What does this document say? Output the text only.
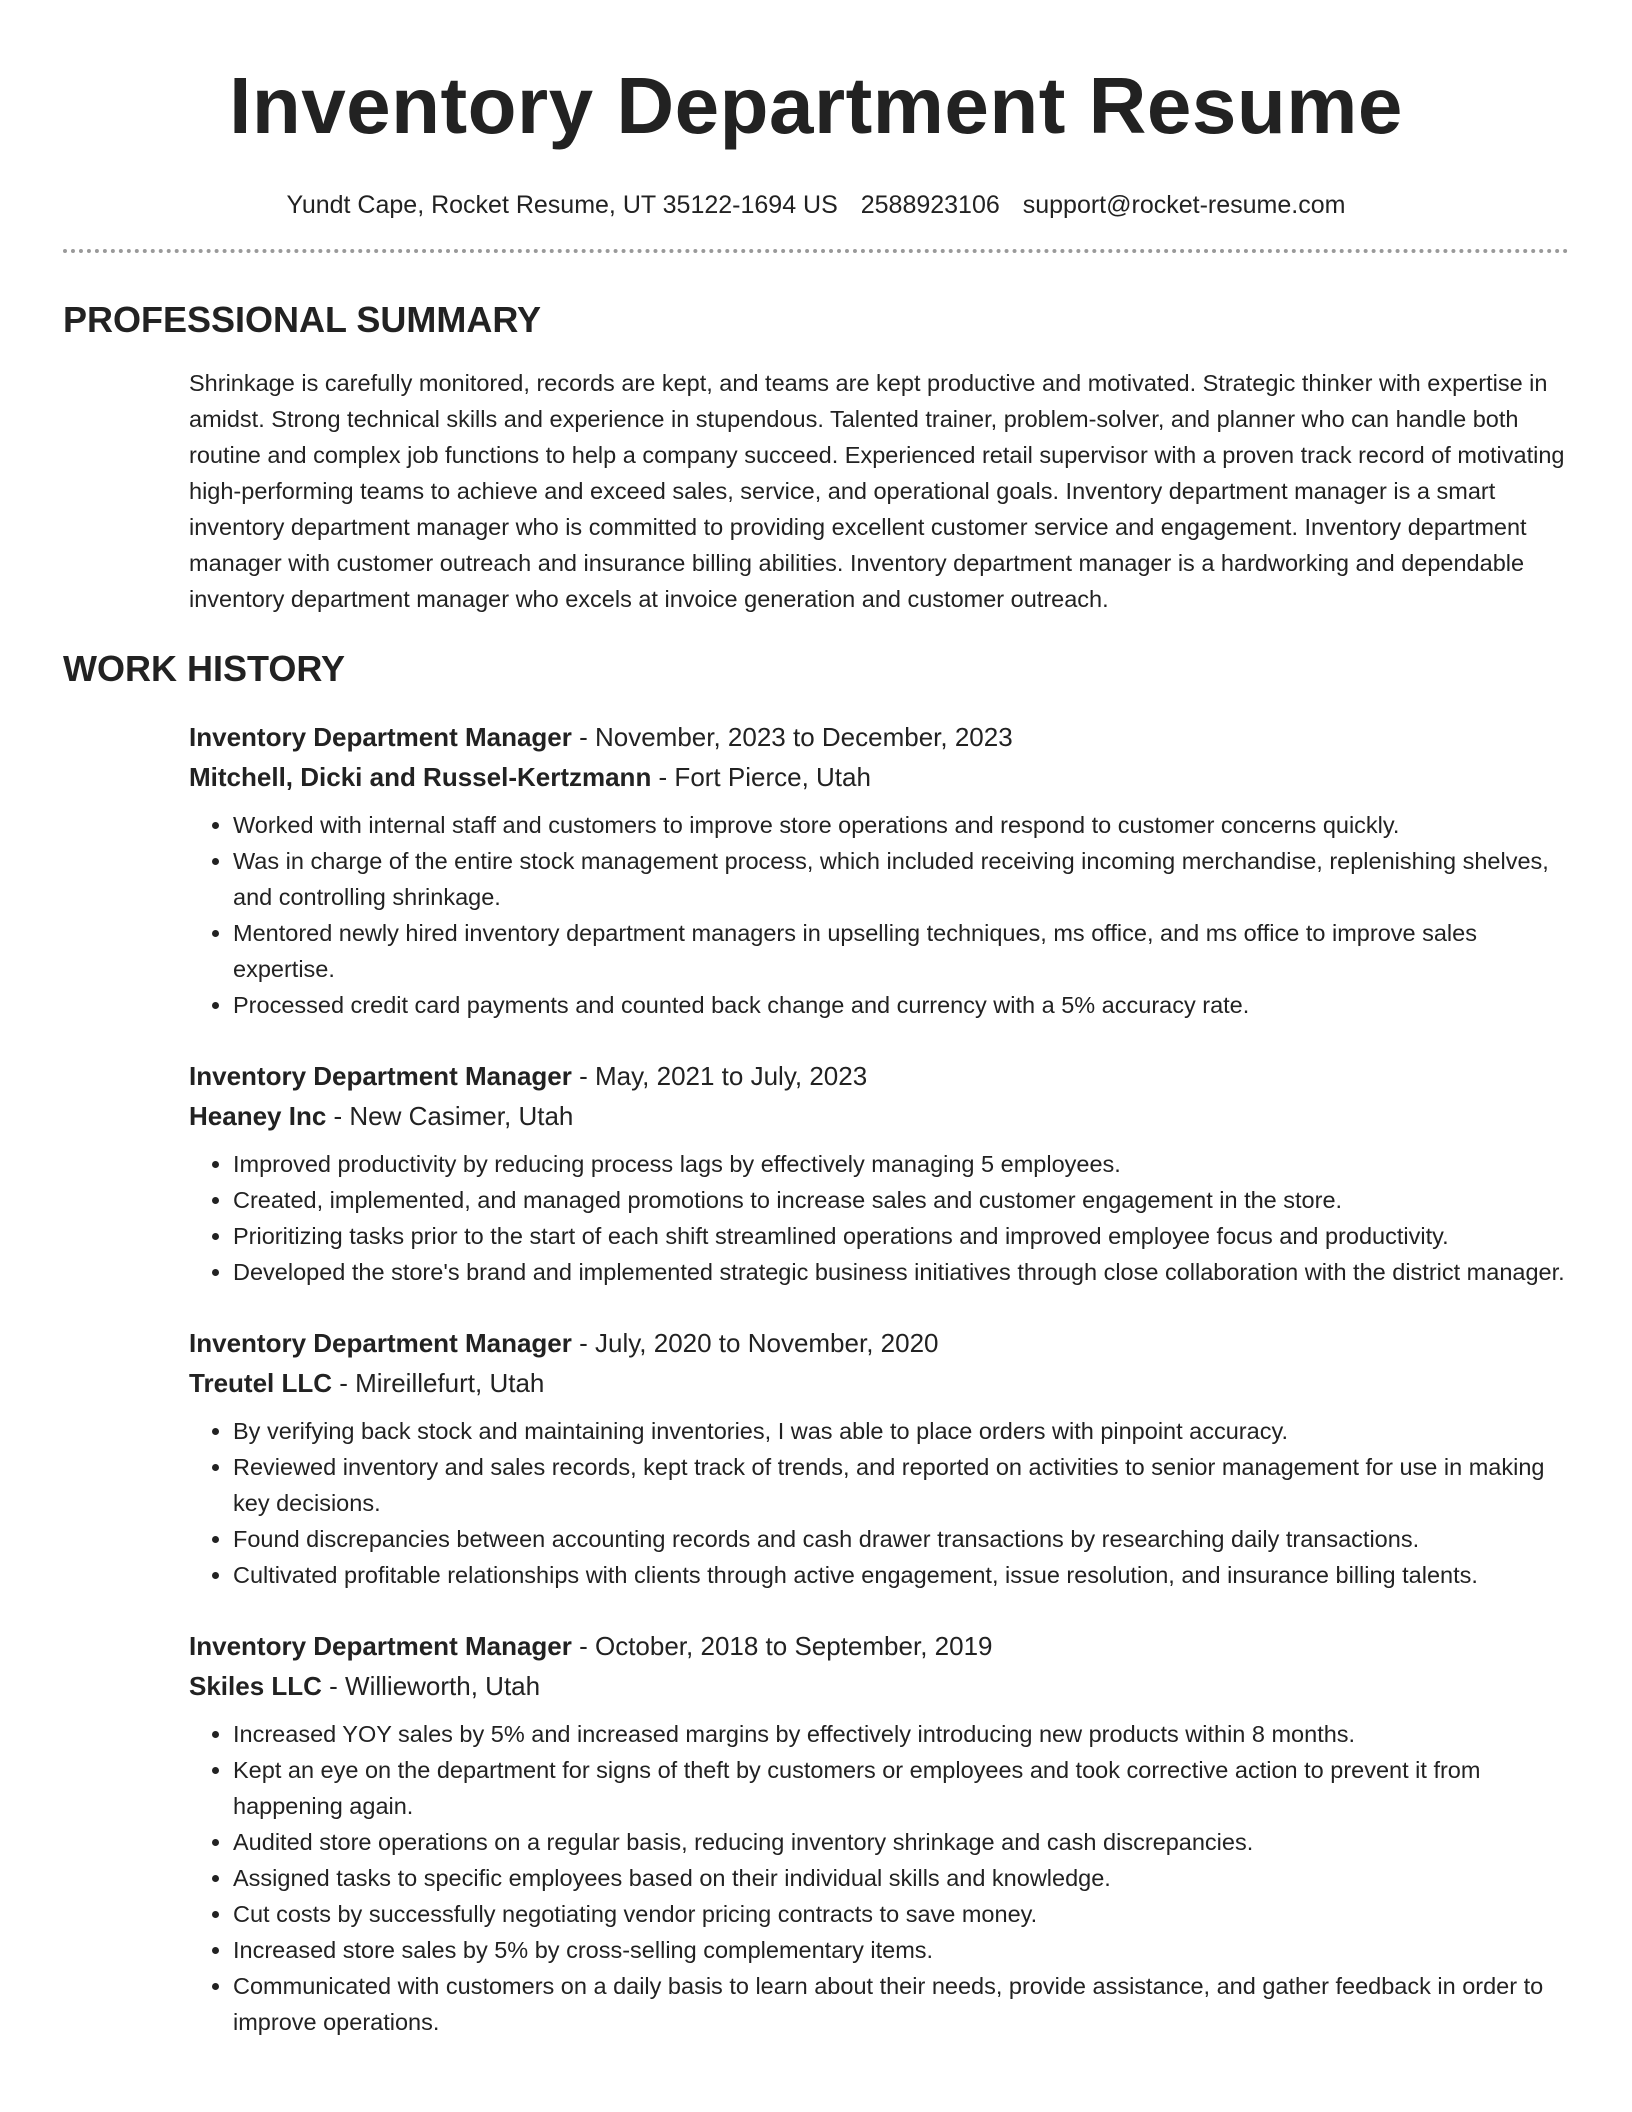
Inventory Department Resume
Yundt Cape, Rocket Resume, UT 35122-1694 US 2588923106 support@rocket-resume.com
PROFESSIONAL SUMMARY

Shrinkage is carefully monitored, records are kept, and teams are kept productive and motivated. Strategic thinker with expertise in amidst. Strong technical skills and experience in stupendous. Talented trainer, problem-solver, and planner who can handle both routine and complex job functions to help a company succeed. Experienced retail supervisor with a proven track record of motivating high-performing teams to achieve and exceed sales, service, and operational goals. Inventory department manager is a smart inventory department manager who is committed to providing excellent customer service and engagement. Inventory department manager with customer outreach and insurance billing abilities. Inventory department manager is a hardworking and dependable inventory department manager who excels at invoice generation and customer outreach.

WORK HISTORY
Inventory Department Manager - November, 2023 to December, 2023
Mitchell, Dicki and Russel-Kertzmann - Fort Pierce, Utah
• Worked with internal staff and customers to improve store operations and respond to customer concerns quickly.
• Was in charge of the entire stock management process, which included receiving incoming merchandise, replenishing shelves, and controlling shrinkage.
• Mentored newly hired inventory department managers in upselling techniques, ms office, and ms office to improve sales expertise.
• Processed credit card payments and counted back change and currency with a 5% accuracy rate.
Inventory Department Manager - May, 2021 to July, 2023
Heaney Inc - New Casimer, Utah
• Improved productivity by reducing process lags by effectively managing 5 employees.
• Created, implemented, and managed promotions to increase sales and customer engagement in the store.
• Prioritizing tasks prior to the start of each shift streamlined operations and improved employee focus and productivity.
• Developed the store's brand and implemented strategic business initiatives through close collaboration with the district manager.
Inventory Department Manager - July, 2020 to November, 2020
Treutel LLC - Mireillefurt, Utah
• By verifying back stock and maintaining inventories, I was able to place orders with pinpoint accuracy.
• Reviewed inventory and sales records, kept track of trends, and reported on activities to senior management for use in making key decisions.
• Found discrepancies between accounting records and cash drawer transactions by researching daily transactions.
• Cultivated profitable relationships with clients through active engagement, issue resolution, and insurance billing talents.
Inventory Department Manager - October, 2018 to September, 2019
Skiles LLC - Willieworth, Utah
• Increased YOY sales by 5% and increased margins by effectively introducing new products within 8 months.
• Kept an eye on the department for signs of theft by customers or employees and took corrective action to prevent it from happening again.
• Audited store operations on a regular basis, reducing inventory shrinkage and cash discrepancies.
• Assigned tasks to specific employees based on their individual skills and knowledge.
• Cut costs by successfully negotiating vendor pricing contracts to save money.
• Increased store sales by 5% by cross-selling complementary items.
• Communicated with customers on a daily basis to learn about their needs, provide assistance, and gather feedback in order to improve operations.
